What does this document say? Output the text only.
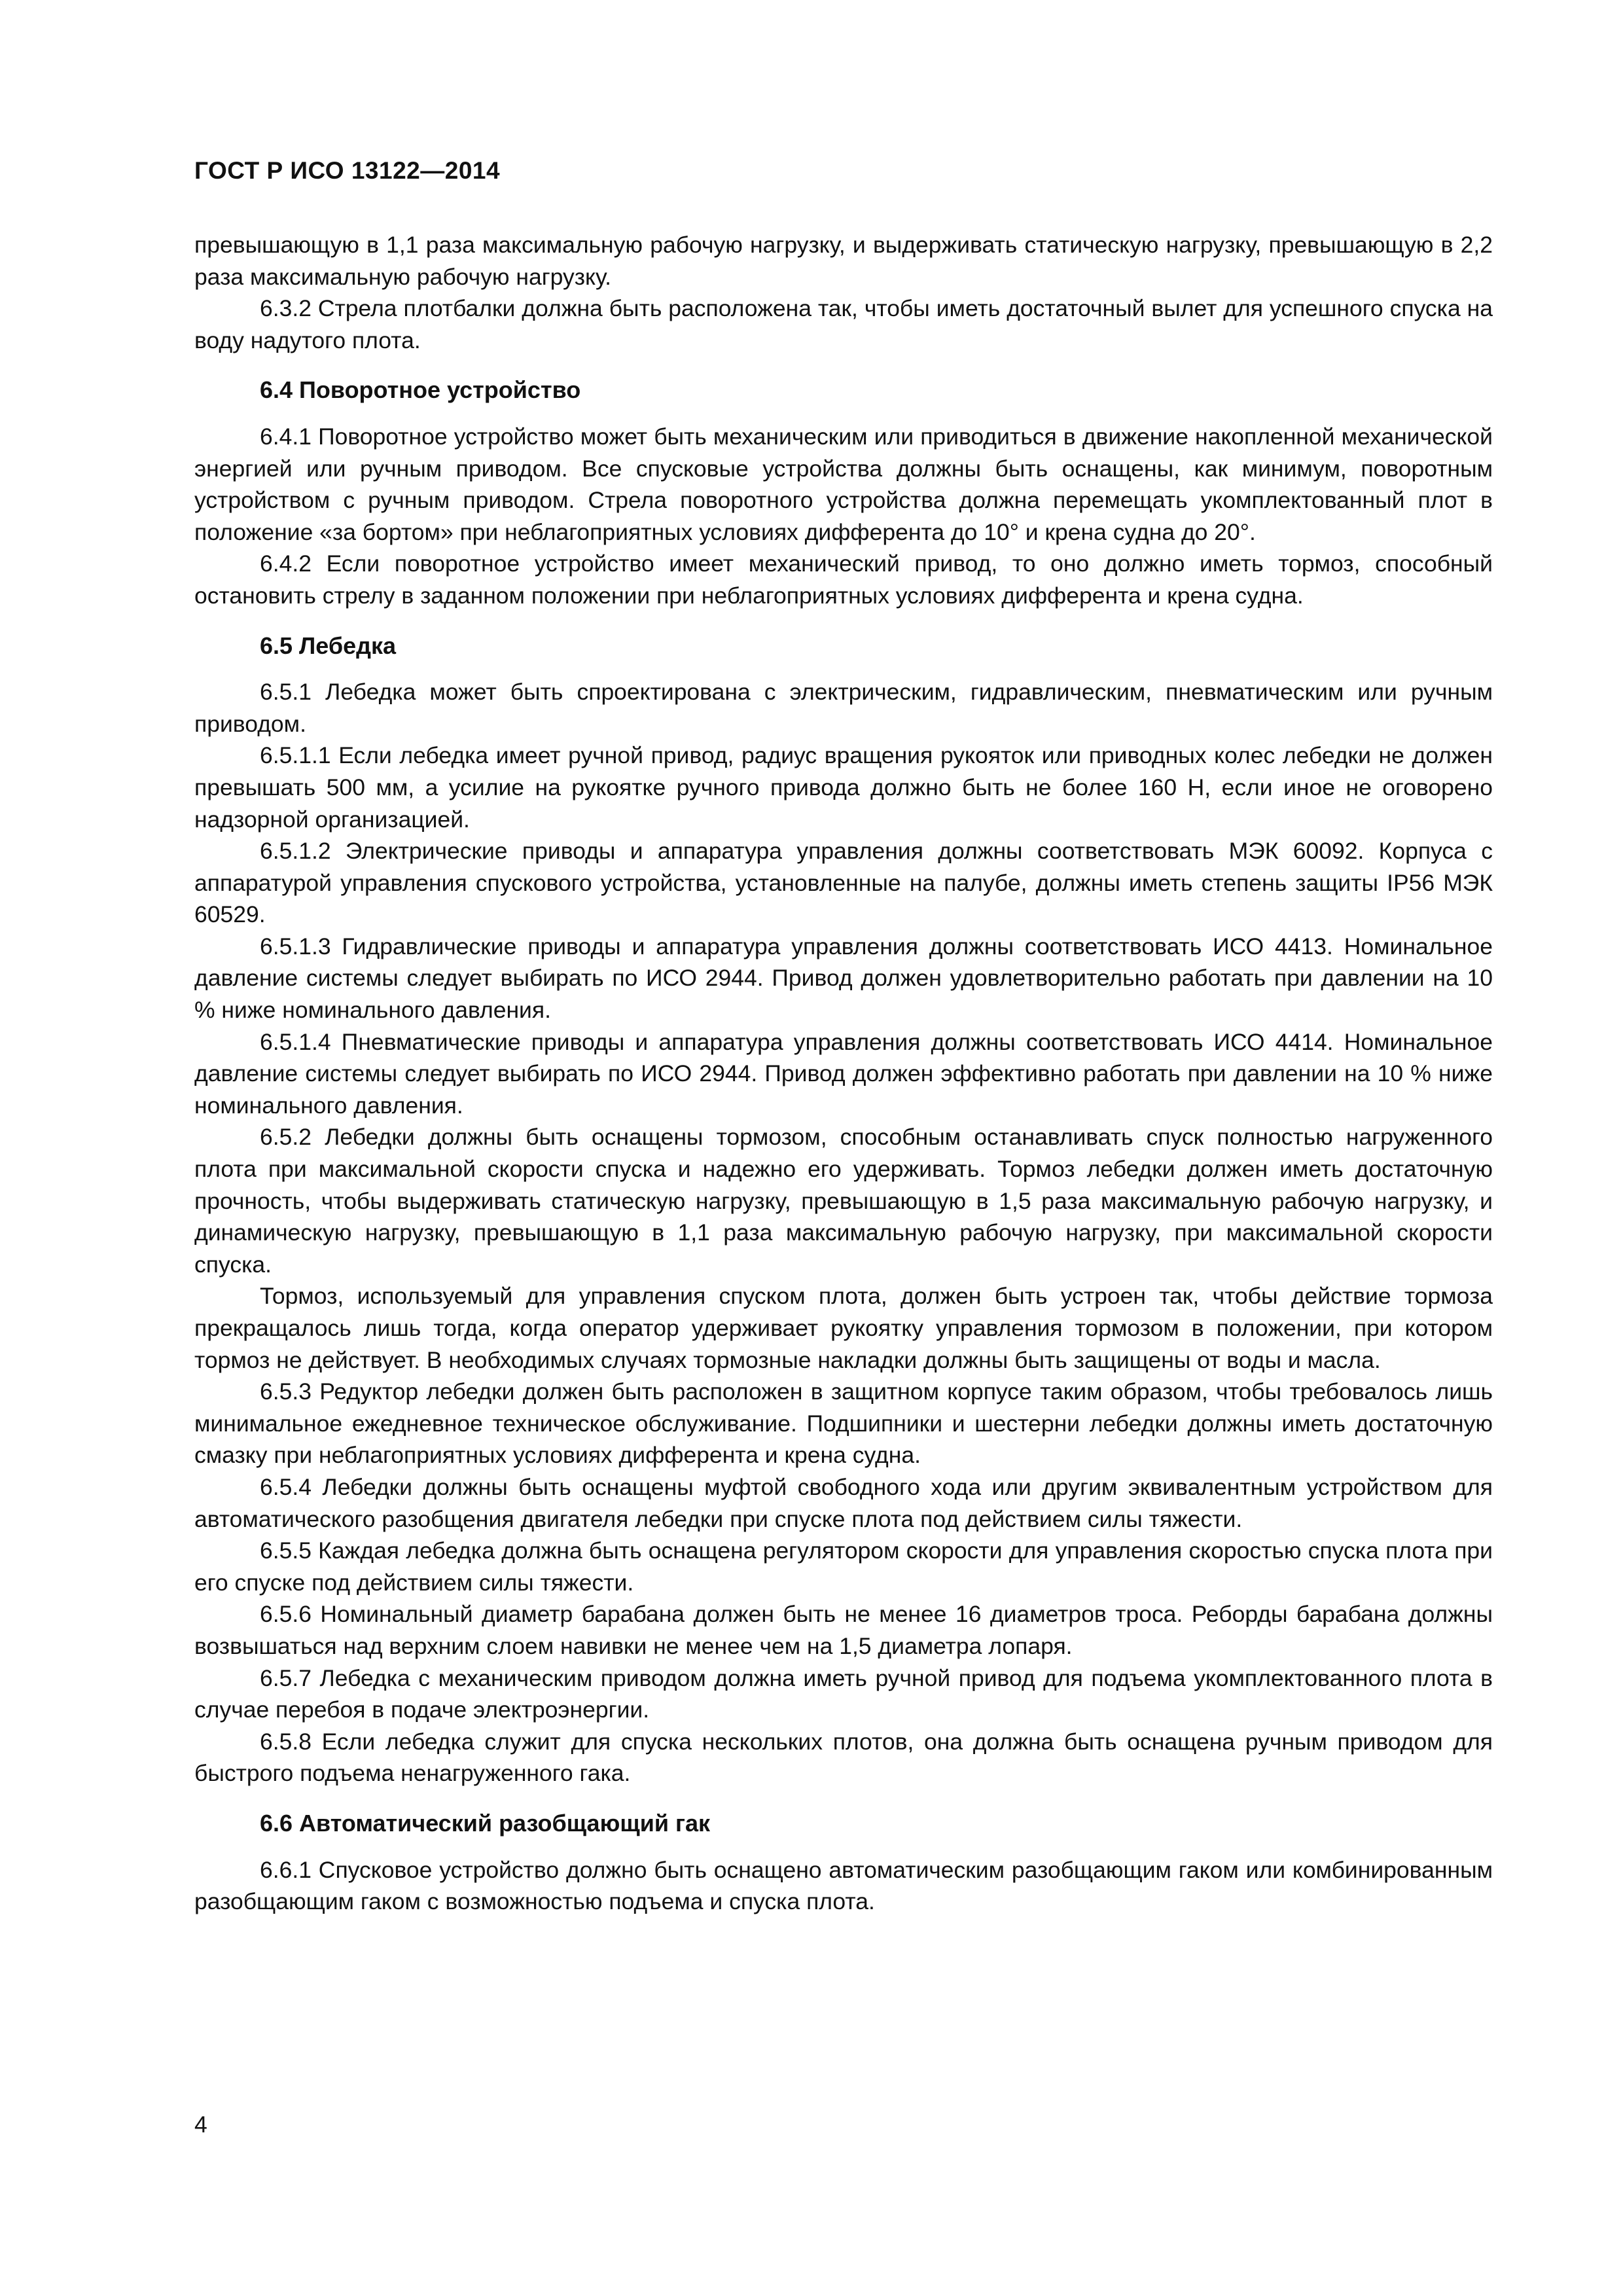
ГОСТ Р ИСО 13122—2014

превышающую в 1,1 раза максимальную рабочую нагрузку, и выдерживать статическую нагрузку, превышающую в 2,2 раза максимальную рабочую нагрузку.

6.3.2 Стрела плотбалки должна быть расположена так, чтобы иметь достаточный вылет для успешного спуска на воду надутого плота.

6.4 Поворотное устройство

6.4.1 Поворотное устройство может быть механическим или приводиться в движение накопленной механической энергией или ручным приводом. Все спусковые устройства должны быть оснащены, как минимум, поворотным устройством с ручным приводом. Стрела поворотного устройства должна перемещать укомплектованный плот в положение «за бортом» при неблагоприятных условиях дифферента до 10° и крена судна до 20°.

6.4.2 Если поворотное устройство имеет механический привод, то оно должно иметь тормоз, способный остановить стрелу в заданном положении при неблагоприятных условиях дифферента и крена судна.

6.5 Лебедка

6.5.1 Лебедка может быть спроектирована с электрическим, гидравлическим, пневматическим или ручным приводом.

6.5.1.1 Если лебедка имеет ручной привод, радиус вращения рукояток или приводных колес лебедки не должен превышать 500 мм, а усилие на рукоятке ручного привода должно быть не более 160 Н, если иное не оговорено надзорной организацией.

6.5.1.2 Электрические приводы и аппаратура управления должны соответствовать МЭК 60092. Корпуса с аппаратурой управления спускового устройства, установленные на палубе, должны иметь степень защиты IP56 МЭК 60529.

6.5.1.3 Гидравлические приводы и аппаратура управления должны соответствовать ИСО 4413. Номинальное давление системы следует выбирать по ИСО 2944. Привод должен удовлетворительно работать при давлении на 10 % ниже номинального давления.

6.5.1.4 Пневматические приводы и аппаратура управления должны соответствовать ИСО 4414. Номинальное давление системы следует выбирать по ИСО 2944. Привод должен эффективно работать при давлении на 10 % ниже номинального давления.

6.5.2 Лебедки должны быть оснащены тормозом, способным останавливать спуск полностью нагруженного плота при максимальной скорости спуска и надежно его удерживать. Тормоз лебедки должен иметь достаточную прочность, чтобы выдерживать статическую нагрузку, превышающую в 1,5 раза максимальную рабочую нагрузку, и динамическую нагрузку, превышающую в 1,1 раза максимальную рабочую нагрузку, при максимальной скорости спуска.

Тормоз, используемый для управления спуском плота, должен быть устроен так, чтобы действие тормоза прекращалось лишь тогда, когда оператор удерживает рукоятку управления тормозом в положении, при котором тормоз не действует. В необходимых случаях тормозные накладки должны быть защищены от воды и масла.

6.5.3 Редуктор лебедки должен быть расположен в защитном корпусе таким образом, чтобы требовалось лишь минимальное ежедневное техническое обслуживание. Подшипники и шестерни лебедки должны иметь достаточную смазку при неблагоприятных условиях дифферента и крена судна.

6.5.4 Лебедки должны быть оснащены муфтой свободного хода или другим эквивалентным устройством для автоматического разобщения двигателя лебедки при спуске плота под действием силы тяжести.

6.5.5 Каждая лебедка должна быть оснащена регулятором скорости для управления скоростью спуска плота при его спуске под действием силы тяжести.

6.5.6 Номинальный диаметр барабана должен быть не менее 16 диаметров троса. Реборды барабана должны возвышаться над верхним слоем навивки не менее чем на 1,5 диаметра лопаря.

6.5.7 Лебедка с механическим приводом должна иметь ручной привод для подъема укомплектованного плота в случае перебоя в подаче электроэнергии.

6.5.8 Если лебедка служит для спуска нескольких плотов, она должна быть оснащена ручным приводом для быстрого подъема ненагруженного гака.

6.6 Автоматический разобщающий гак

6.6.1 Спусковое устройство должно быть оснащено автоматическим разобщающим гаком или комбинированным разобщающим гаком с возможностью подъема и спуска плота.

4
